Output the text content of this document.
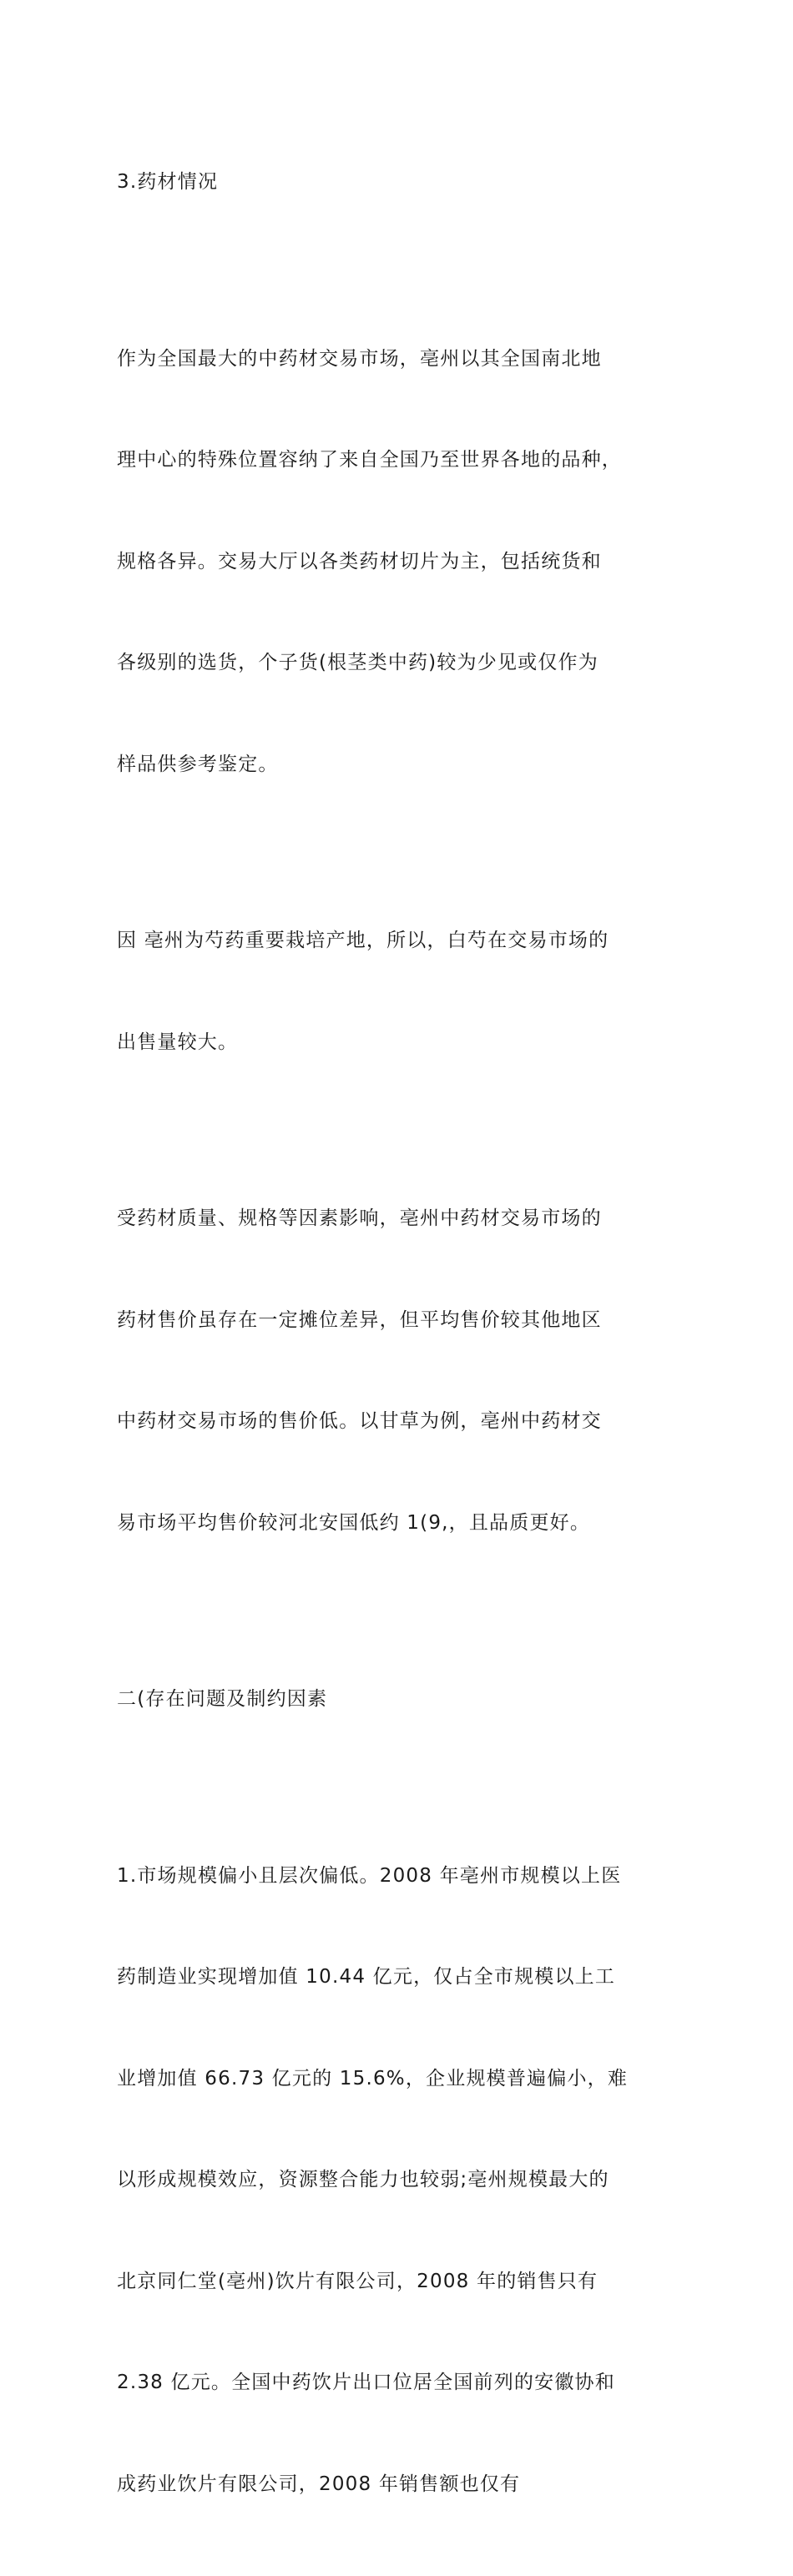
3.药材情况

作为全国最大的中药材交易市场，亳州以其全国南北地

理中心的特殊位置容纳了来自全国乃至世界各地的品种，

规格各异。交易大厅以各类药材切片为主，包括统货和

各级别的选货，个子货(根茎类中药)较为少见或仅作为

样品供参考鉴定。

因 亳州为芍药重要栽培产地，所以，白芍在交易市场的

出售量较大。

受药材质量、规格等因素影响，亳州中药材交易市场的

药材售价虽存在一定摊位差异，但平均售价较其他地区

中药材交易市场的售价低。以甘草为例，亳州中药材交

易市场平均售价较河北安国低约 1(9,，且品质更好。

二(存在问题及制约因素

1.市场规模偏小且层次偏低。2008 年亳州市规模以上医

药制造业实现增加值 10.44 亿元，仅占全市规模以上工

业增加值 66.73 亿元的 15.6%，企业规模普遍偏小，难

以形成规模效应，资源整合能力也较弱;亳州规模最大的

北京同仁堂(亳州)饮片有限公司，2008 年的销售只有

2.38 亿元。全国中药饮片出口位居全国前列的安徽协和

成药业饮片有限公司，2008 年销售额也仅有
